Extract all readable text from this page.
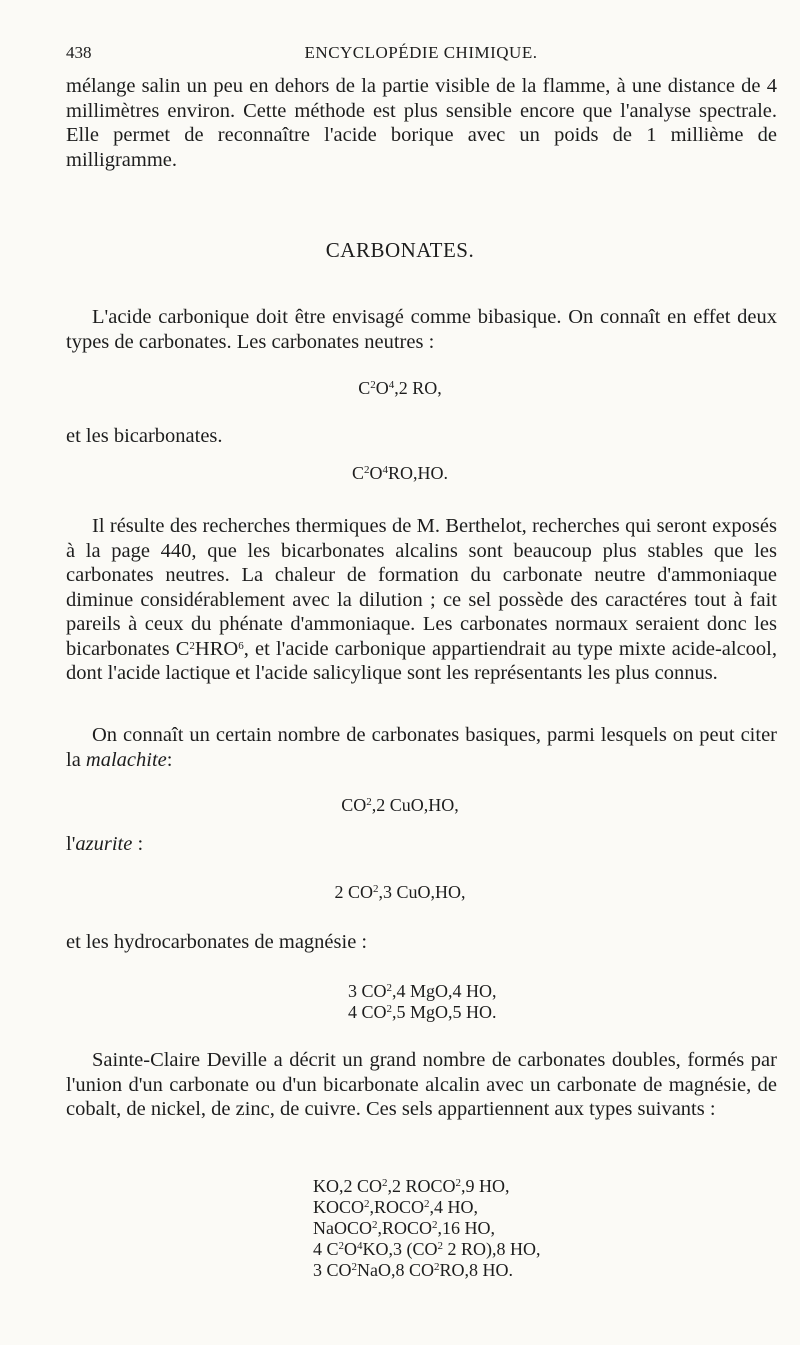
438	ENCYCLOPÉDIE CHIMIQUE.

mélange salin un peu en dehors de la partie visible de la flamme, à une distance de 4 millimètres environ. Cette méthode est plus sensible encore que l'analyse spectrale. Elle permet de reconnaître l'acide borique avec un poids de 1 millième de milligramme.

CARBONATES.

L'acide carbonique doit être envisagé comme bibasique. On connaît en effet deux types de carbonates. Les carbonates neutres :

$C^2O^4,2$ RO,

et les bicarbonates.

$C^2O^4RO,HO$.

Il résulte des recherches thermiques de M. Berthelot, recherches qui seront exposés à la page 440, que les bicarbonates alcalins sont beaucoup plus stables que les carbonates neutres. La chaleur de formation du carbonate neutre d'ammoniaque diminue considérablement avec la dilution ; ce sel possède des caractéres tout à fait pareils à ceux du phénate d'ammoniaque. Les carbonates normaux seraient donc les bicarbonates $C^2HRO^6$, et l'acide carbonique appartiendrait au type mixte acide-alcool, dont l'acide lactique et l'acide salicylique sont les représentants les plus connus.

On connaît un certain nombre de carbonates basiques, parmi lesquels on peut citer la malachite:

$CO^2,2$ CuO,HO,

l'azurite :

2 $CO^2,3$ CuO,HO,

et les hydrocarbonates de magnésie :

3 $CO^2,4$ MgO,4 HO,
4 $CO^2,5$ MgO,5 HO.

Sainte-Claire Deville a décrit un grand nombre de carbonates doubles, formés par l'union d'un carbonate ou d'un bicarbonate alcalin avec un carbonate de magnésie, de cobalt, de nickel, de zinc, de cuivre. Ces sels appartiennent aux types suivants :

KO,2 $CO^2,2$ ROCO$^2$,9 HO,
KOCO$^2$,ROCO$^2$,4 HO,
NaOCO$^2$,ROCO$^2$,16 HO,
4 $C^2O^4KO,3$ ($CO^2$ 2 RO),8 HO,
3 $CO^2NaO,8$ $CO^2RO,8$ HO.
